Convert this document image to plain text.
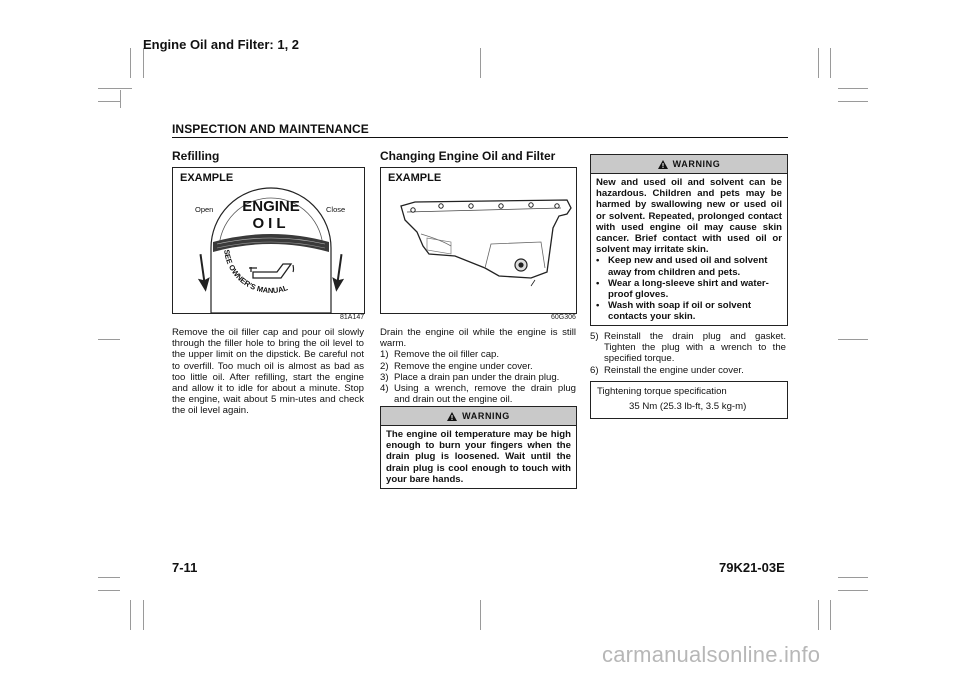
Engine Oil and Filter: 1, 2
INSPECTION AND MAINTENANCE
Refilling
EXAMPLE
ENGINE
OIL
SEE OWNER'S MANUAL
Open	Close
81A147

Remove the oil filler cap and pour oil slowly through the filler hole to bring the oil level to the upper limit on the dipstick. Be careful not to overfill. Too much oil is almost as bad as too little oil. After refilling, start the engine and allow it to idle for about a minute. Stop the engine, wait about 5 min-utes and check the oil level again.

Changing Engine Oil and Filter
EXAMPLE
60G306

Drain the engine oil while the engine is still warm.

1) Remove the oil filler cap.
2) Remove the engine under cover.
3) Place a drain pan under the drain plug.
4) Using a wrench, remove the drain plug and drain out the engine oil.
WARNING
The engine oil temperature may be high enough to burn your fingers when the drain plug is loosened. Wait until the drain plug is cool enough to touch with your bare hands.
WARNING
New and used oil and solvent can be hazardous. Children and pets may be harmed by swallowing new or used oil or solvent. Repeated, prolonged contact with used engine oil may cause skin cancer. Brief contact with used oil or solvent may irritate skin.
• Keep new and used oil and solvent away from children and pets.
• Wear a long-sleeve shirt and water-proof gloves.
• Wash with soap if oil or solvent contacts your skin.
5) Reinstall the drain plug and gasket. Tighten the plug with a wrench to the specified torque.
6) Reinstall the engine under cover.
Tightening torque specification
35 Nm (25.3 lb-ft, 3.5 kg-m)
7-11	79K21-03E
carmanualsonline.info
